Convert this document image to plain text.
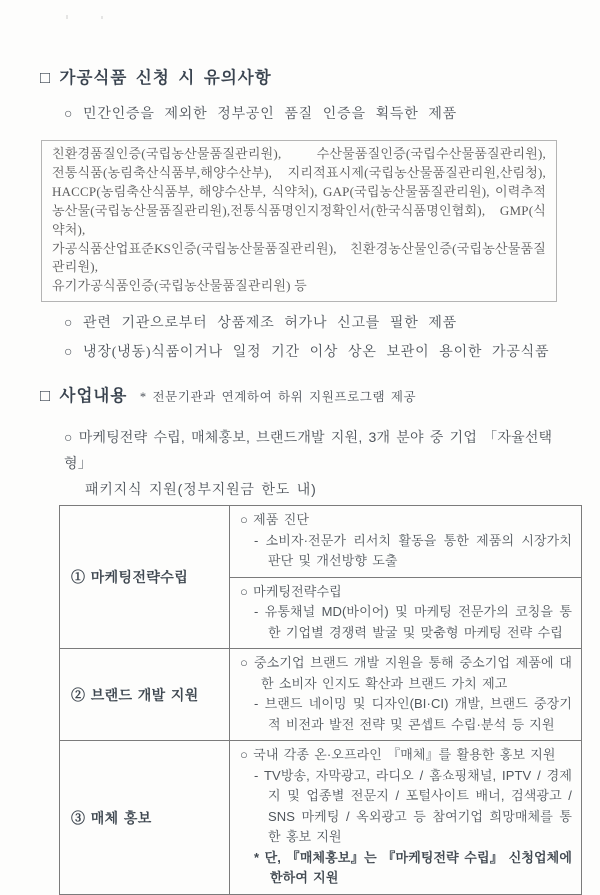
□ 가공식품 신청 시 유의사항

○ 민간인증을 제외한 정부공인 품질 인증을 획득한 제품

친환경품질인증(국립농산물품질관리원), 수산물품질인증(국립수산물품질관리원),
전통식품(농림축산식품부,해양수산부), 지리적표시제(국립농산물품질관리원,산림청),
HACCP(농림축산식품부, 해양수산부, 식약처), GAP(국립농산물품질관리원), 이력추적
농산물(국립농산물품질관리원),전통식품명인지정확인서(한국식품명인협회), GMP(식약처),
가공식품산업표준KS인증(국립농산물품질관리원), 친환경농산물인증(국립농산물품질관리원),
유기가공식품인증(국립농산물품질관리원) 등

○ 관련 기관으로부터 상품제조 허가나 신고를 필한 제품

○ 냉장(냉동)식품이거나 일정 기간 이상 상온 보관이 용이한 가공식품

□ 사업내용 * 전문기관과 연계하여 하위 지원프로그램 제공
○ 마케팅전략 수립, 매체홍보, 브랜드개발 지원, 3개 분야 중 기업 「자율선택형」
패키지식 지원(정부지원금 한도 내)
① 마케팅전략수립	○ 제품 진단

- 소비자·전문가 리서치 활동을 통한 제품의 시장가치 판단 및 개선방향 도출

	○ 마케팅전략수립

- 유통채널 MD(바이어) 및 마케팅 전문가의 코칭을 통한 기업별 경쟁력 발굴 및 맞춤형 마케팅 전략 수립

② 브랜드 개발 지원	○ 중소기업 브랜드 개발 지원을 통해 중소기업 제품에 대한 소비자 인지도 확산과 브랜드 가치 제고

- 브랜드 네이밍 및 디자인(BI·CI) 개발, 브랜드 중장기적 비전과 발전 전략 및 콘셉트 수립·분석 등 지원

③ 매체 홍보	○ 국내 각종 온·오프라인 『매체』를 활용한 홍보 지원

- TV방송, 자막광고, 라디오 / 홈쇼핑채널, IPTV / 경제지 및 업종별 전문지 / 포털사이트 배너, 검색광고 / SNS 마케팅 / 옥외광고 등 참여기업 희망매체를 통한 홍보 지원

* 단, 『매체홍보』는 『마케팅전략 수립』 신청업체에 한하여 지원
